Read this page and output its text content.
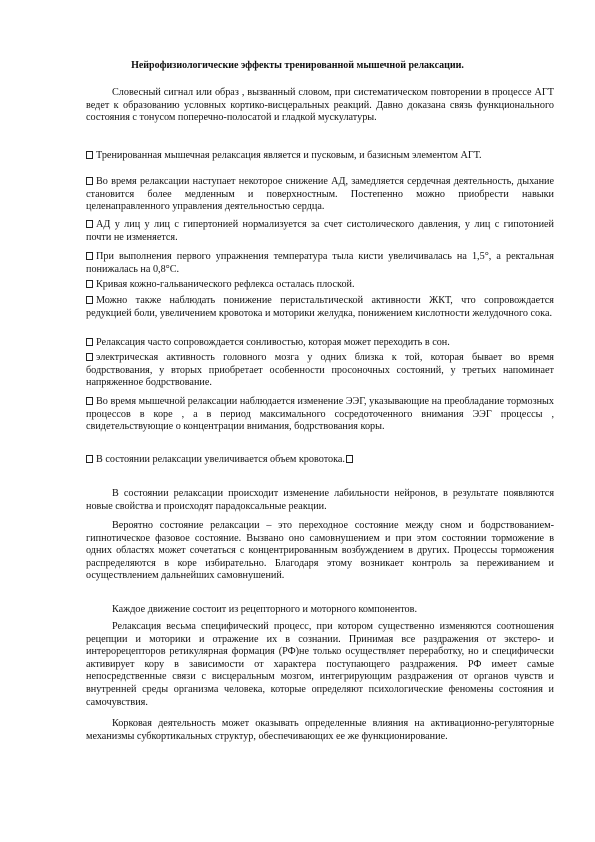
Нейрофизиологические эффекты тренированной мышечной релаксации.

Словесный сигнал или образ , вызванный словом, при систематическом повторении в процессе АГТ ведет к образованию условных кортико-висцеральных реакций. Давно доказана связь функционального состояния с тонусом поперечно-полосатой и гладкой мускулатуры.

Тренированная мышечная релаксация является и пусковым, и базисным элементом АГТ.

Во время релаксации наступает некоторое снижение АД, замедляется сердечная деятельность, дыхание становится более медленным и поверхностным. Постепенно можно приобрести навыки целенаправленного управления деятельностью сердца.

АД у лиц у лиц с гипертонией нормализуется за счет систолического давления, у лиц с гипотонией почти не изменяется.

При выполнения первого упражнения температура тыла кисти увеличивалась на 1,5°, а ректальная понижалась на 0,8°С.

Кривая кожно-гальванического рефлекса осталась плоской.

Можно также наблюдать понижение перистальтической активности ЖКТ, что сопровождается редукцией боли, увеличением кровотока и моторики желудка, понижением кислотности желудочного сока.

Релаксация часто сопровождается сонливостью, которая может переходить в сон.

электрическая активность головного мозга у одних близка к той, которая бывает во время бодрствования, у вторых приобретает особенности просоночных состояний, у третьих напоминает напряженное бодрствование.

Во время мышечной релаксации наблюдается изменение ЭЭГ, указывающие на преобладание тормозных процессов в коре , а в период максимального сосредоточенного внимания ЭЭГ процессы , свидетельствующие о концентрации внимания, бодрствования коры.

В состоянии релаксации увеличивается объем кровотока.

В состоянии релаксации происходит изменение лабильности нейронов, в результате появляются новые свойства и происходят парадоксальные реакции.

Вероятно состояние релаксации – это переходное состояние между сном и бодрствованием- гипнотическое фазовое состояние. Вызвано оно самовнушением и при этом состоянии торможение в одних областях может сочетаться с концентрированным возбуждением в других. Процессы торможения распределяются в коре избирательно. Благодаря этому возникает контроль за переживанием и осуществлением дальнейших самовнушений.

Каждое движение состоит из рецепторного и моторного компонентов.

Релаксация весьма специфический процесс, при котором существенно изменяются соотношения рецепции и моторики и отражение их в сознании. Принимая все раздражения от экстеро- и интерорецепторов ретикулярная формация (РФ)не только осуществляет переработку, но и специфически активирует кору в зависимости от характера поступающего раздражения. РФ имеет самые непосредственные связи с висцеральным мозгом, интегрирующим раздражения от органов чувств и внутренней среды организма человека, которые определяют психологические феномены состояния и самочувствия.

Корковая деятельность может оказывать определенные влияния на активационно-регуляторные механизмы субкортикальных структур, обеспечивающих ее же функционирование.
